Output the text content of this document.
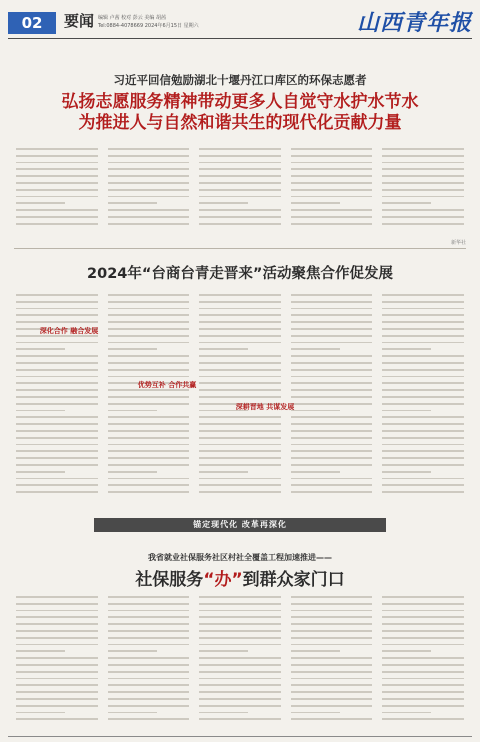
02	要闻 编辑 卢茜 校对 彭云 美编 胡茜
Tel:0884-4078669 2024年6月15日 星期六	山西青年报
习近平回信勉励湖北十堰丹江口库区的环保志愿者
弘扬志愿服务精神带动更多人自觉守水护水节水
为推进人与自然和谐共生的现代化贡献力量
新华社
2024年“台商台青走晋来”活动聚焦合作促发展
深化合作 融合发展
优势互补 合作共赢
深耕晋地 共谋发展
锚定现代化 改革再深化
我省就业社保服务社区村社全覆盖工程加速推进——
社保服务“办”到群众家门口
